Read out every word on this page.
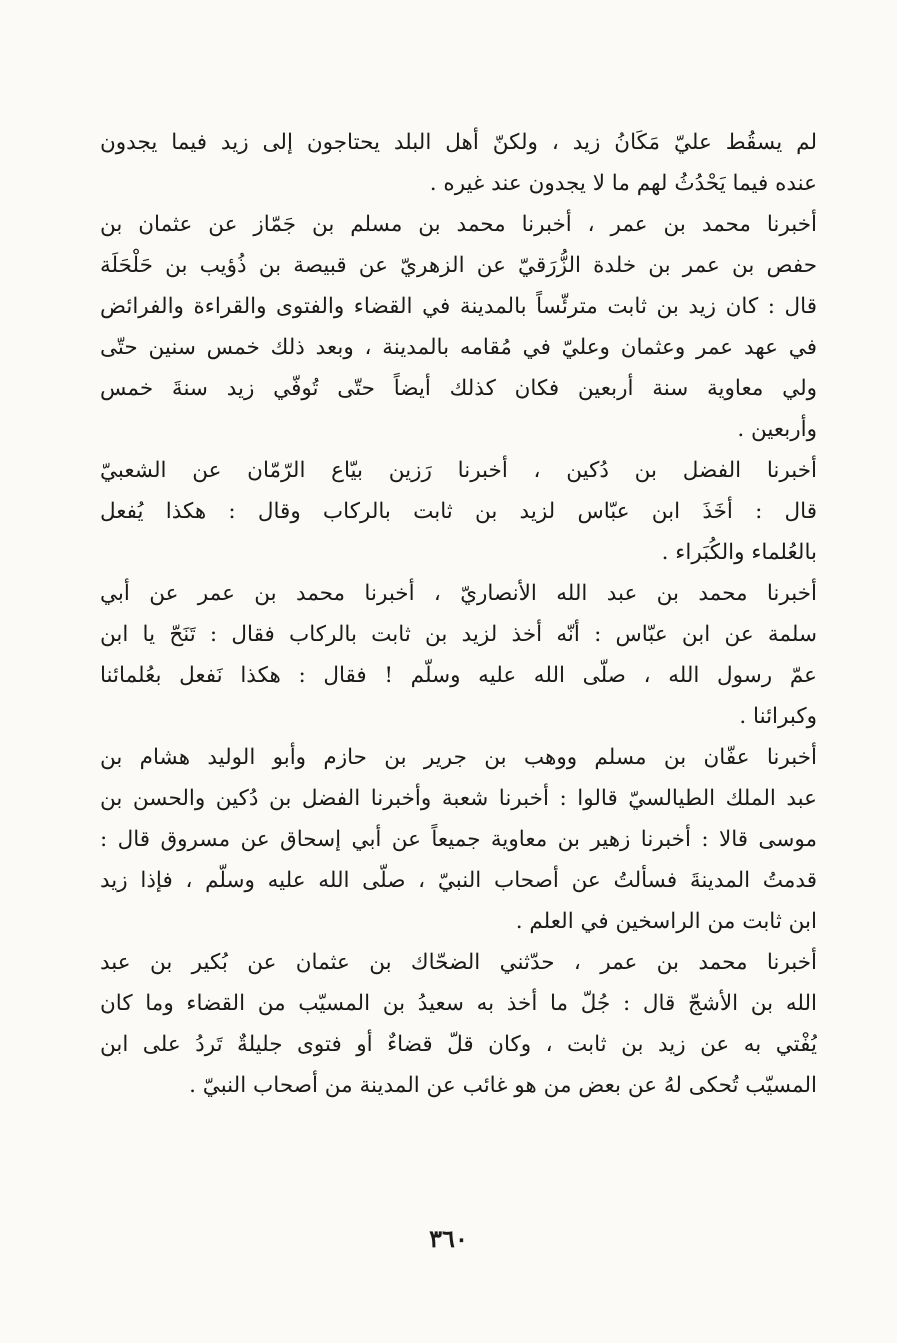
لم يسقُط عليّ مَكَانُ زيد ، ولكنّ أهل البلد يحتاجون إلى زيد فيما يجدون
عنده فيما يَحْدُثُ لهم ما لا يجدون عند غيره .

أخبرنا محمد بن عمر ، أخبرنا محمد بن مسلم بن جَمّاز عن عثمان بن
حفص بن عمر بن خلدة الزُّرَقيّ عن الزهريّ عن قبيصة بن ذُؤيب بن حَلْحَلَة
قال : كان زيد بن ثابت مترئّساً بالمدينة في القضاء والفتوى والقراءة والفرائض
في عهد عمر وعثمان وعليّ في مُقامه بالمدينة ، وبعد ذلك خمس سنين حتّى
ولي معاوية سنة أربعين فكان كذلك أيضاً حتّى تُوفّي زيد سنةَ خمس
وأربعين .

أخبرنا الفضل بن دُكين ، أخبرنا رَزين بيّاع الرّمّان عن الشعبيّ
قال : أخَذَ ابن عبّاس لزيد بن ثابت بالركاب وقال : هكذا يُفعل
بالعُلماء والكُبَراء .

أخبرنا محمد بن عبد الله الأنصاريّ ، أخبرنا محمد بن عمر عن أبي
سلمة عن ابن عبّاس : أنّه أخذ لزيد بن ثابت بالركاب فقال : تَنَحّ يا ابن
عمّ رسول الله ، صلّى الله عليه وسلّم ! فقال : هكذا نَفعل بعُلمائنا
وكبرائنا .

أخبرنا عفّان بن مسلم ووهب بن جرير بن حازم وأبو الوليد هشام بن
عبد الملك الطيالسيّ قالوا : أخبرنا شعبة وأخبرنا الفضل بن دُكين والحسن بن
موسى قالا : أخبرنا زهير بن معاوية جميعاً عن أبي إسحاق عن مسروق قال :
قدمتُ المدينةَ فسألتُ عن أصحاب النبيّ ، صلّى الله عليه وسلّم ، فإذا زيد
ابن ثابت من الراسخين في العلم .

أخبرنا محمد بن عمر ، حدّثني الضحّاك بن عثمان عن بُكير بن عبد
الله بن الأشجّ قال : جُلّ ما أخذ به سعيدُ بن المسيّب من القضاء وما كان
يُفْتي به عن زيد بن ثابت ، وكان قلّ قضاءٌ أو فتوى جليلةٌ تَردُ على ابن
المسيّب تُحكى لهُ عن بعض من هو غائب عن المدينة من أصحاب النبيّ .

٣٦٠
